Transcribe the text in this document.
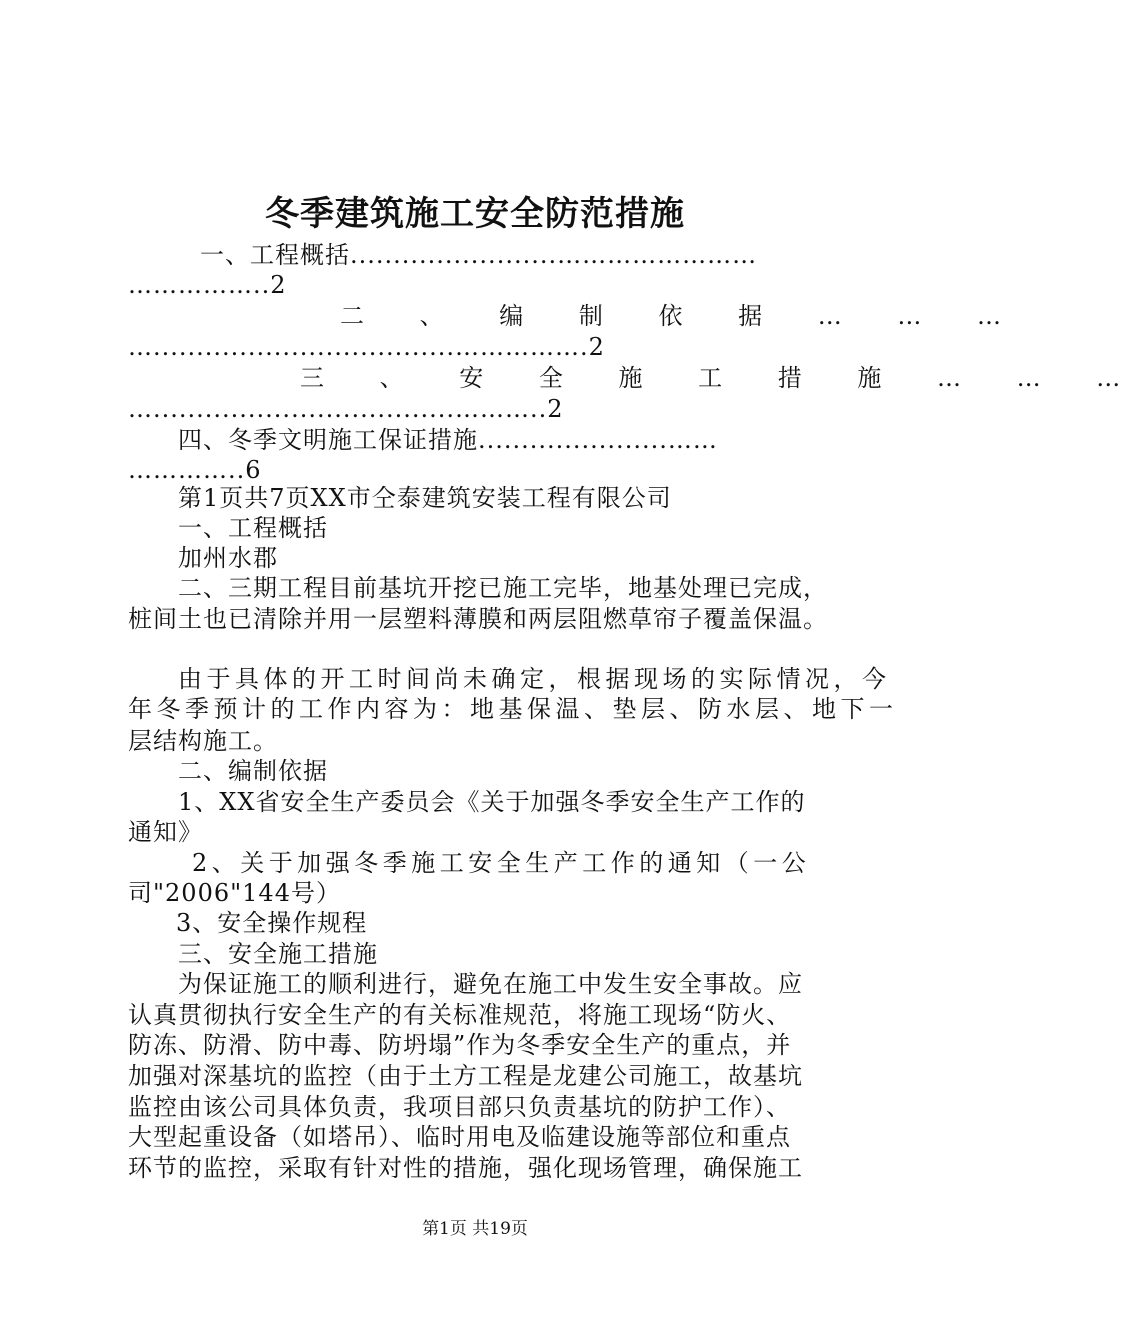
冬季建筑施工安全防范措施
一、工程概括........................……………………
……………..2
二 、 编 制 依 据 … … …
…...................................…………….2
三 、 安 全 施 工 措 施 … … …
…...................................………..2
四、冬季文明施工保证措施......................……
…………..6
第1页共7页XX市仝泰建筑安装工程有限公司
一、工程概括
加州水郡
二、三期工程目前基坑开挖已施工完毕，地基处理已完成，
桩间土也已清除并用一层塑料薄膜和两层阻燃草帘子覆盖保温。
由于具体的开工时间尚未确定，根据现场的实际情况，今
年冬季预计的工作内容为：地基保温、垫层、防水层、地下一
层结构施工。
二、编制依据
1、XX省安全生产委员会《关于加强冬季安全生产工作的
通知》
2、关于加强冬季施工安全生产工作的通知（一公
司"2006"144号）
3、安全操作规程
三、安全施工措施
为保证施工的顺利进行，避免在施工中发生安全事故。应
认真贯彻执行安全生产的有关标准规范，将施工现场“防火、
防冻、防滑、防中毒、防坍塌”作为冬季安全生产的重点，并
加强对深基坑的监控（由于土方工程是龙建公司施工，故基坑
监控由该公司具体负责，我项目部只负责基坑的防护工作）、
大型起重设备（如塔吊）、临时用电及临建设施等部位和重点
环节的监控，采取有针对性的措施，强化现场管理，确保施工
第1页 共19页
